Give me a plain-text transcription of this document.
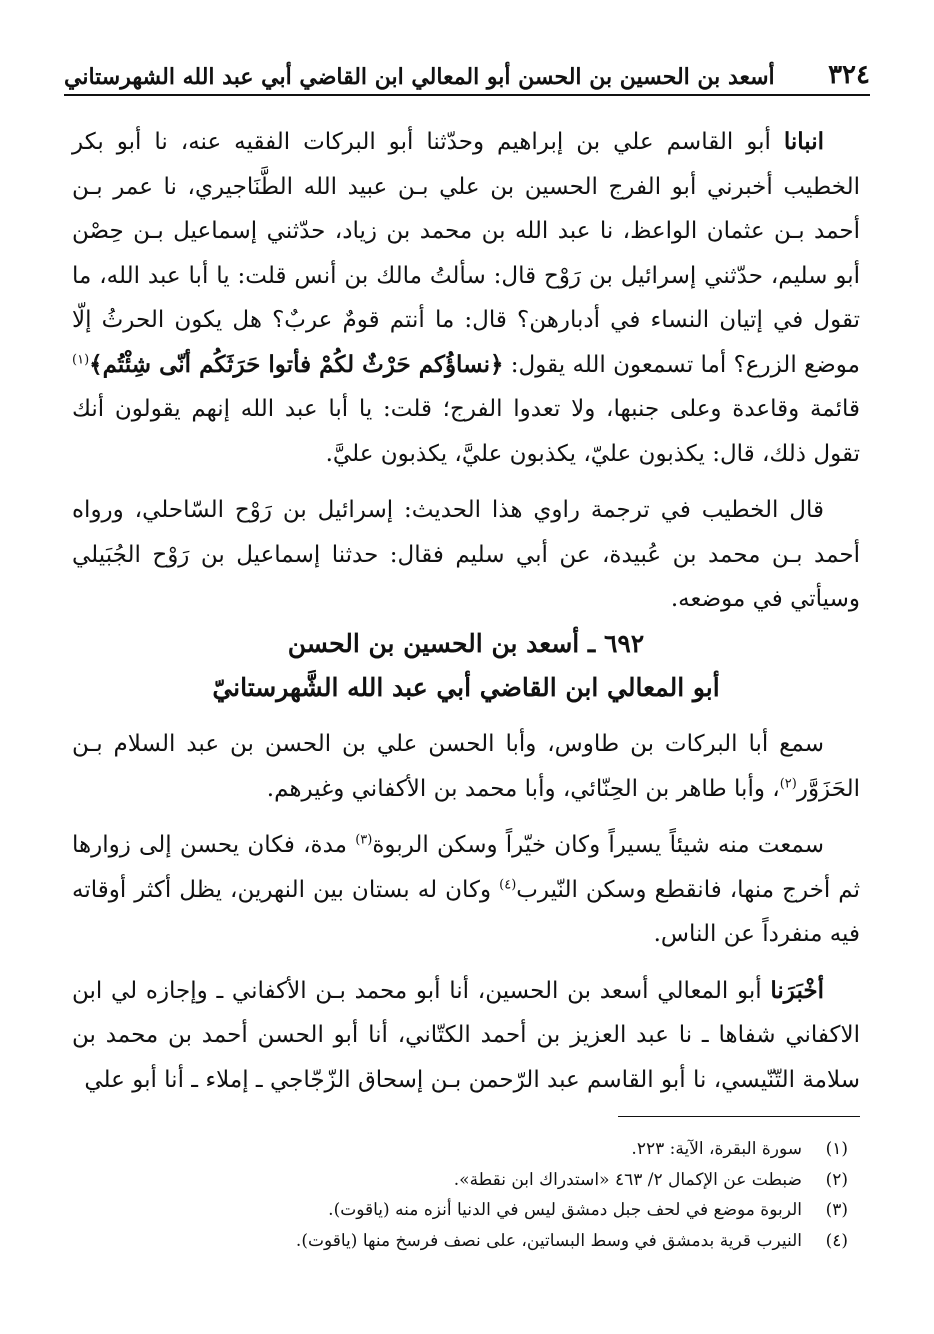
٣٢٤
أسعد بن الحسين بن الحسن أبو المعالي ابن القاضي أبي عبد الله الشهرستاني

انبانا أبو القاسم علي بن إبراهيم وحدّثنا أبو البركات الفقيه عنه، نا أبو بكر الخطيب أخبرني أبو الفرج الحسين بن علي بـن عبيد الله الطَّنَاجيري، نا عمر بـن أحمد بـن عثمان الواعظ، نا عبد الله بن محمد بن زياد، حدّثني إسماعيل بـن حِصْن أبو سليم، حدّثني إسرائيل بن رَوْح قال: سألتُ مالك بن أنس قلت: يا أبا عبد الله، ما تقول في إتيان النساء في أدبارهن؟ قال: ما أنتم قومٌ عربٌ؟ هل يكون الحرثُ إلّا موضع الزرع؟ أما تسمعون الله يقول: ﴿نساؤُكم حَرْثٌ لكُمْ فأتوا حَرَثَكُم أنّى شِئْتُم﴾$^{(١)}$ قائمة وقاعدة وعلى جنبها، ولا تعدوا الفرج؛ قلت: يا أبا عبد الله إنهم يقولون أنك تقول ذلك، قال: يكذبون عليّ، يكذبون عليَّ، يكذبون عليَّ.

قال الخطيب في ترجمة راوي هذا الحديث: إسرائيل بن رَوْح السّاحلي، ورواه أحمد بـن محمد بن عُبيدة، عن أبي سليم فقال: حدثنا إسماعيل بن رَوْح الجُبَيلي وسيأتي في موضعه.

٦٩٢ ـ أسعد بن الحسين بن الحسن
أبو المعالي ابن القاضي أبي عبد الله الشَّهرستانيّ

سمع أبا البركات بن طاوس، وأبا الحسن علي بن الحسن بن عبد السلام بـن الحَزَوَّر$^{(٢)}$، وأبا طاهر بن الحِنّائي، وأبا محمد بن الأكفاني وغيرهم.

سمعت منه شيئاً يسيراً وكان خيّراً وسكن الربوة$^{(٣)}$ مدة، فكان يحسن إلى زوارها ثم أخرج منها، فانقطع وسكن النّيرب$^{(٤)}$ وكان له بستان بين النهرين، يظل أكثر أوقاته فيه منفرداً عن الناس.

أخْبَرَنا أبو المعالي أسعد بن الحسين، أنا أبو محمد بـن الأكفاني ـ وإجازه لي ابن الاكفاني شفاها ـ نا عبد العزيز بن أحمد الكتّاني، أنا أبو الحسن أحمد بن محمد بن سلامة التّنّيسي، نا أبو القاسم عبد الرّحمن بـن إسحاق الزّجّاجي ـ إملاء ـ أنا أبو علي

(١)
سورة البقرة، الآية: ٢٢٣.
(٢)
ضبطت عن الإكمال ٢/ ٤٦٣ «استدراك ابن نقطة».
(٣)
الربوة موضع في لحف جبل دمشق ليس في الدنيا أنزه منه (ياقوت).
(٤)
النيرب قرية بدمشق في وسط البساتين، على نصف فرسخ منها (ياقوت).
